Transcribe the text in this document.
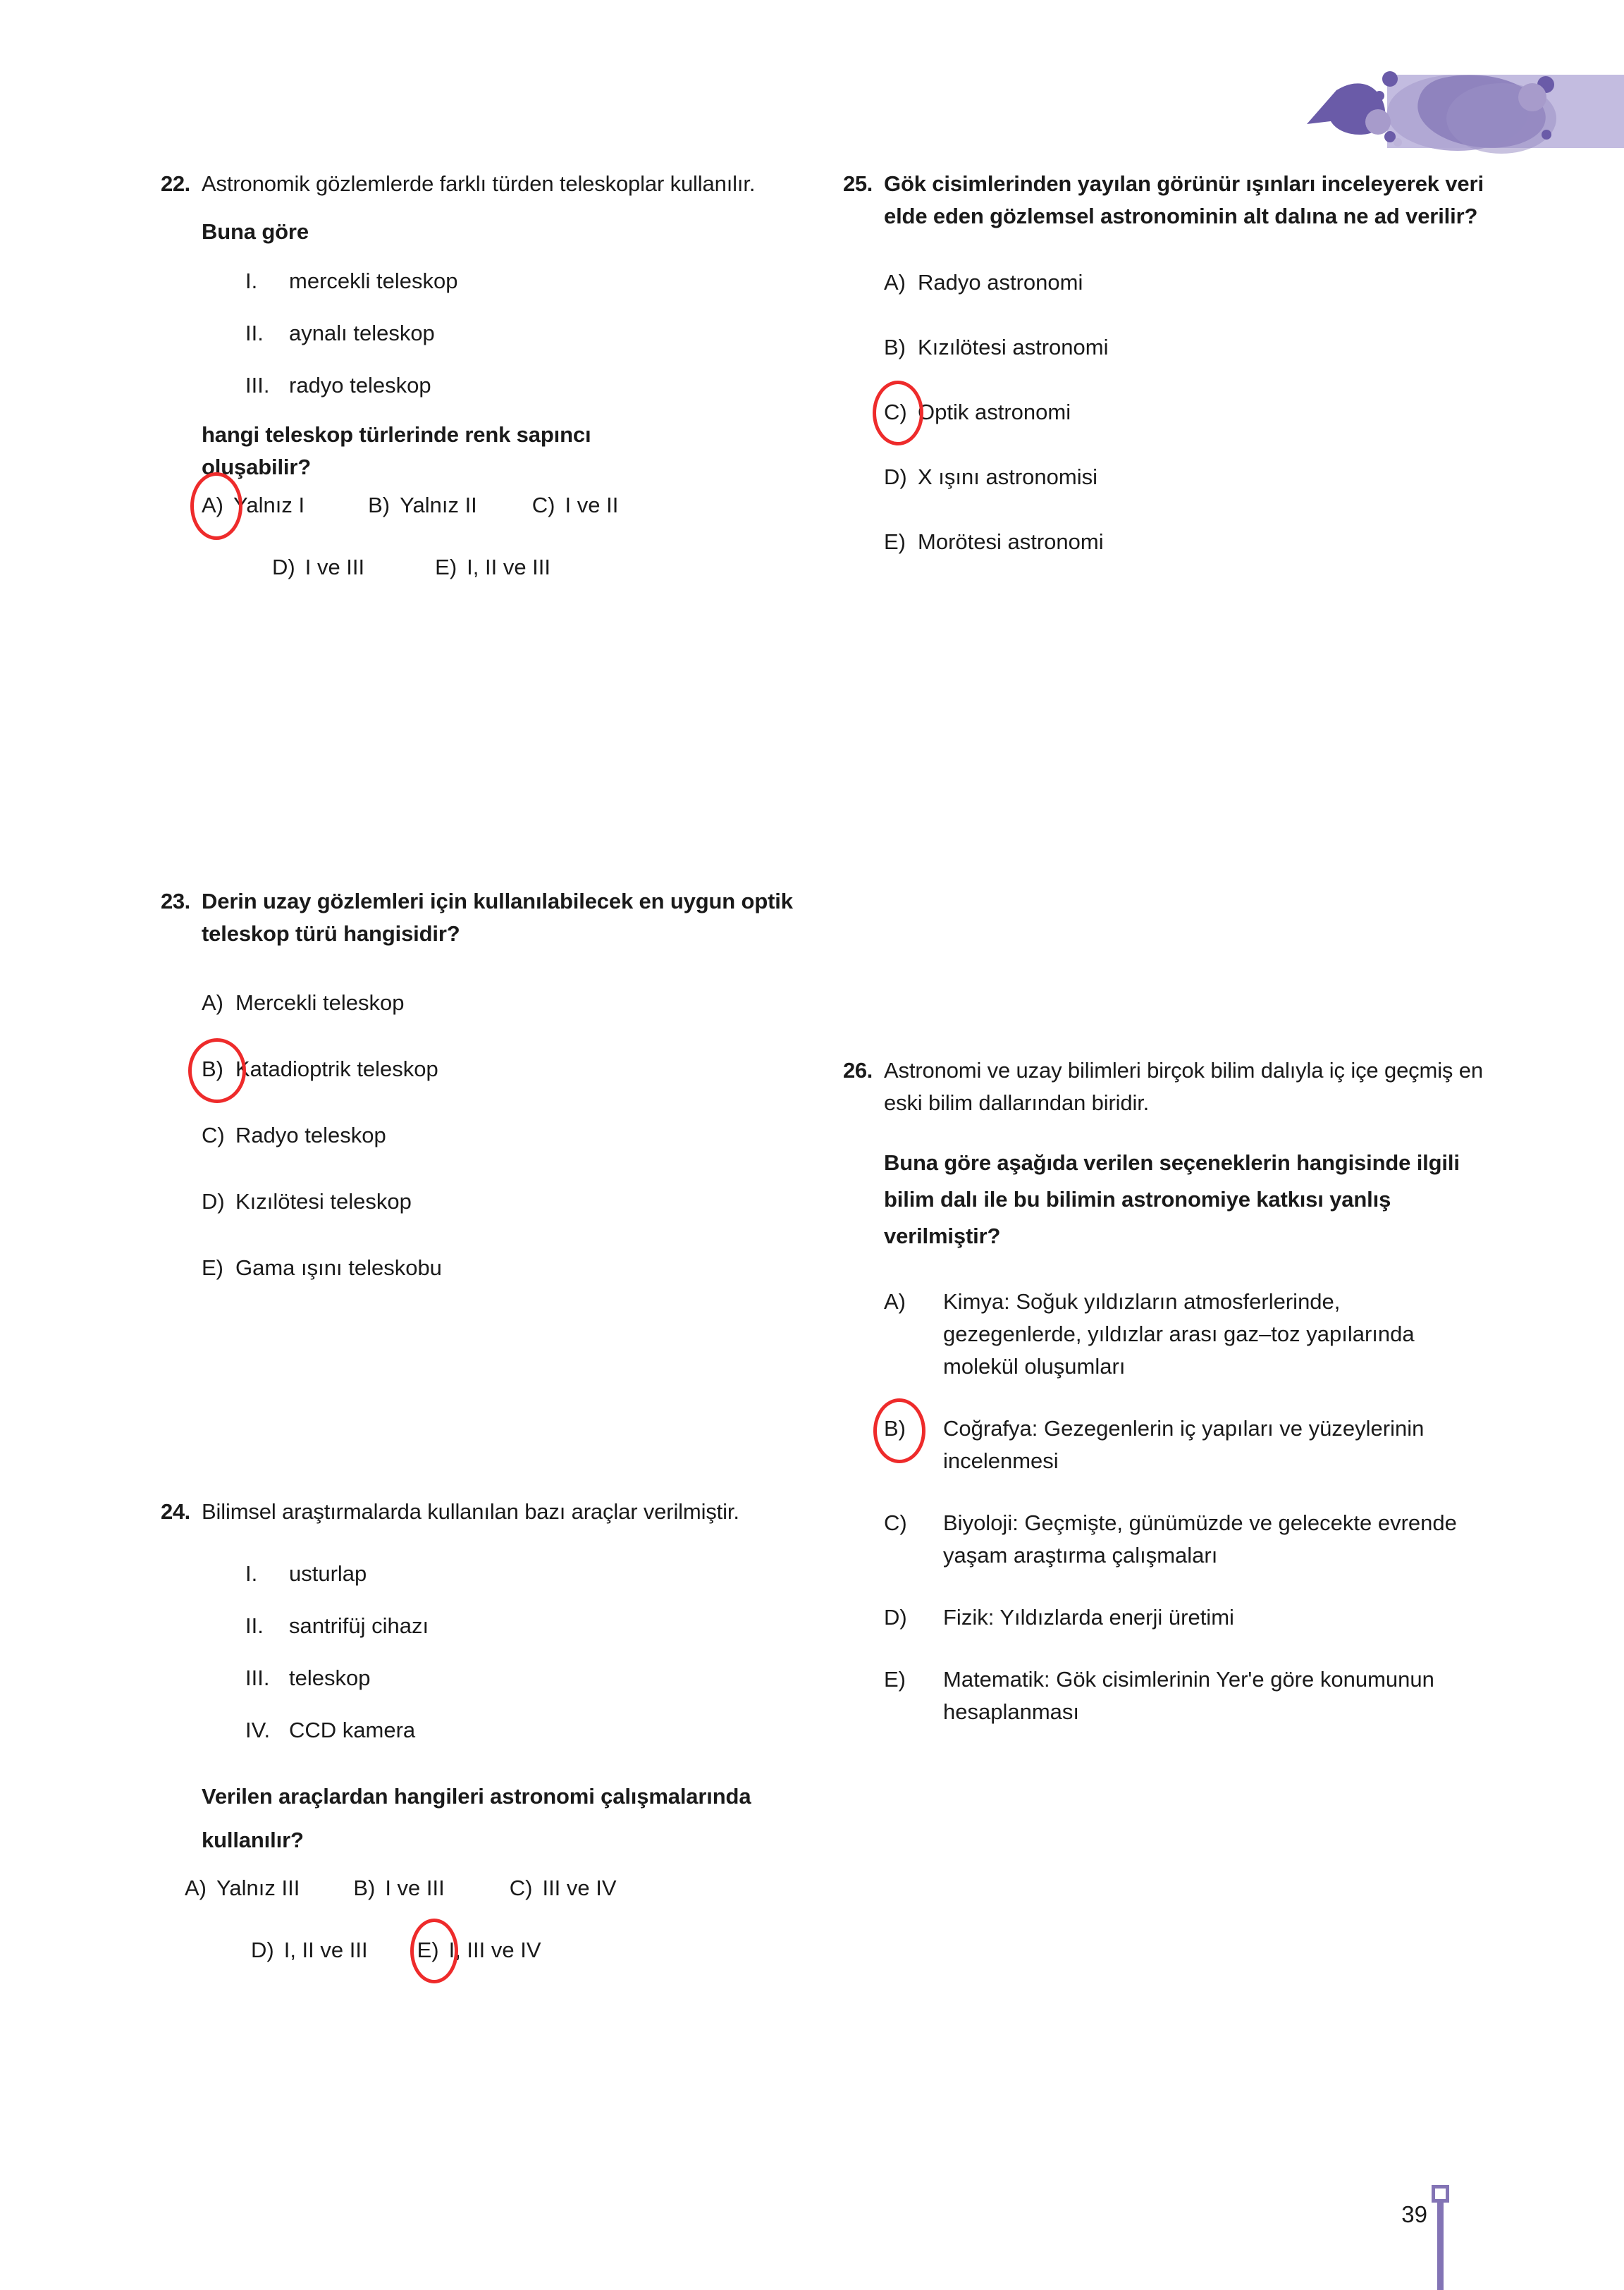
22. Astronomik gözlemlerde farklı türden teleskoplar kullanılır.
Buna göre
I.	mercekli teleskop
II.	aynalı teleskop
III. radyo teleskop
hangi teleskop türlerinde renk sapıncı oluşabilir?
A) Yalnız I	B) Yalnız II	C) I ve II
D) I ve III	E) I, II ve III
23. Derin uzay gözlemleri için kullanılabilecek en uygun optik teleskop türü hangisidir?
A) Mercekli teleskop
B) Katadioptrik teleskop
C) Radyo teleskop
D) Kızılötesi teleskop
E) Gama ışını teleskobu
24. Bilimsel araştırmalarda kullanılan bazı araçlar verilmiştir.
I.	usturlap
II.	santrifüj cihazı
III. teleskop
IV. CCD kamera
Verilen araçlardan hangileri astronomi çalışmalarında kullanılır?
A) Yalnız III B) I ve III	C) III ve IV
D) I, II ve III E) I, III ve IV
25. Gök cisimlerinden yayılan görünür ışınları inceleyerek veri elde eden gözlemsel astronominin alt dalına ne ad verilir?
A) Radyo astronomi
B) Kızılötesi astronomi
C) Optik astronomi
D) X ışını astronomisi
E) Morötesi astronomi
26. Astronomi ve uzay bilimleri birçok bilim dalıyla iç içe geçmiş en eski bilim dallarından biridir.
Buna göre aşağıda verilen seçeneklerin hangisinde ilgili bilim dalı ile bu bilimin astronomiye katkısı yanlış verilmiştir?
A)	Kimya: Soğuk yıldızların atmosferlerinde, gezegenlerde, yıldızlar arası gaz–toz yapılarında molekül oluşumları
B)	Coğrafya: Gezegenlerin iç yapıları ve yüzeylerinin incelenmesi
C)	Biyoloji: Geçmişte, günümüzde ve gelecekte evrende yaşam araştırma çalışmaları
D)	Fizik: Yıldızlarda enerji üretimi
E)	Matematik: Gök cisimlerinin Yer'e göre konumunun hesaplanması
39
